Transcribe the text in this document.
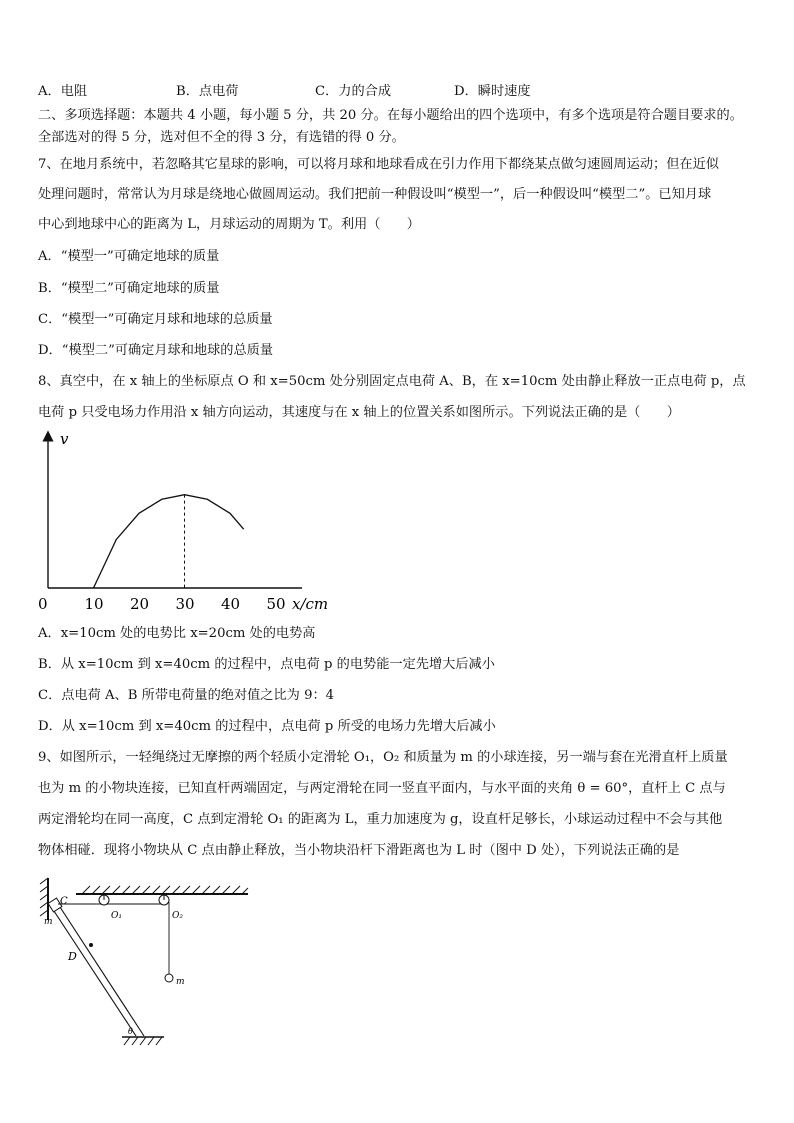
A．电阻	B．点电荷	C．力的合成	D．瞬时速度
二、多项选择题：本题共 4 小题，每小题 5 分，共 20 分。在每小题给出的四个选项中，有多个选项是符合题目要求的。
全部选对的得 5 分，选对但不全的得 3 分，有选错的得 0 分。
7、在地月系统中，若忽略其它星球的影响，可以将月球和地球看成在引力作用下都绕某点做匀速圆周运动；但在近似
处理问题时，常常认为月球是绕地心做圆周运动。我们把前一种假设叫“模型一”，后一种假设叫“模型二”。已知月球
中心到地球中心的距离为 L，月球运动的周期为 T。利用（　　）
A．“模型一”可确定地球的质量
B．“模型二”可确定地球的质量
C．“模型一”可确定月球和地球的总质量
D．“模型二”可确定月球和地球的总质量
8、真空中，在 x 轴上的坐标原点 O 和 x=50cm 处分别固定点电荷 A、B，在 x=10cm 处由静止释放一正点电荷 p，点
电荷 p 只受电场力作用沿 x 轴方向运动，其速度与在 x 轴上的位置关系如图所示。下列说法正确的是（　　）
v
0	x/cm
10 20 30 40 50
A．x=10cm 处的电势比 x=20cm 处的电势高
B．从 x=10cm 到 x=40cm 的过程中，点电荷 p 的电势能一定先增大后减小
C．点电荷 A、B 所带电荷量的绝对值之比为 9：4
D．从 x=10cm 到 x=40cm 的过程中，点电荷 p 所受的电场力先增大后减小
9、如图所示，一轻绳绕过无摩擦的两个轻质小定滑轮 O₁，O₂ 和质量为 m 的小球连接，另一端与套在光滑直杆上质量
也为 m 的小物块连接，已知直杆两端固定，与两定滑轮在同一竖直平面内，与水平面的夹角 θ = 60°，直杆上 C 点与
两定滑轮均在同一高度，C 点到定滑轮 O₁ 的距离为 L，重力加速度为 g，设直杆足够长，小球运动过程中不会与其他
物体相碰．现将小物块从 C 点由静止释放，当小物块沿杆下滑距离也为 L 时（图中 D 处），下列说法正确的是
C
m
O₁	O₂
m
D
θ
